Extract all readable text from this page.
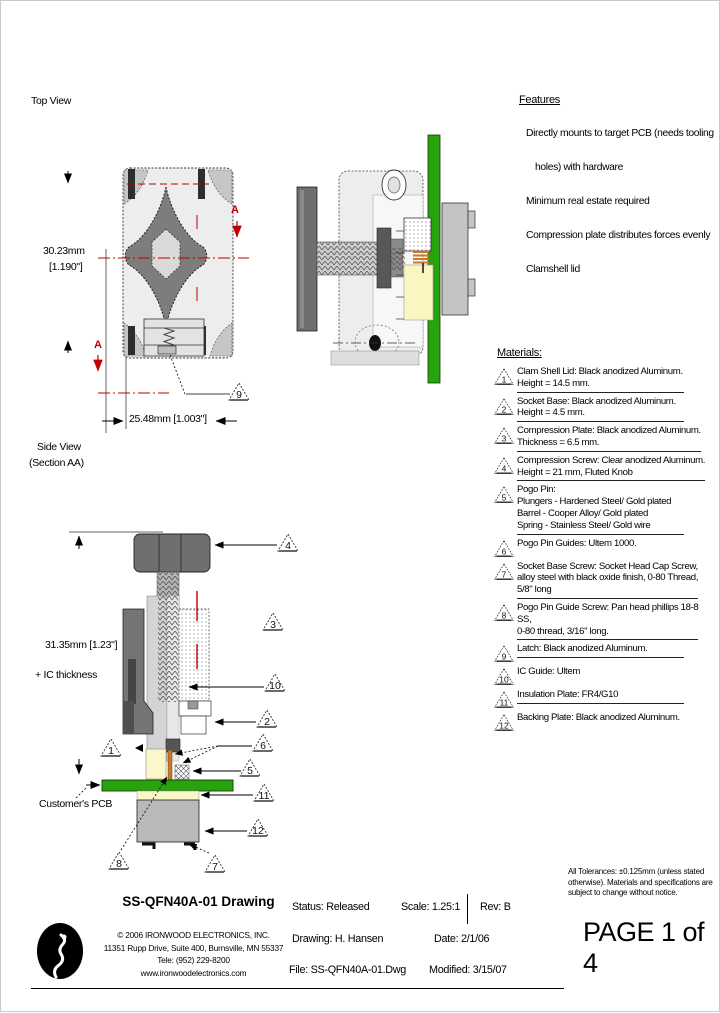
9
4
3
10
2
6
5
11
12
8	7
1
Top View
30.23mm
[1.190"]
A
A
25.48mm [1.003"]
Side View
(Section AA)
31.35mm [1.23"]
+ IC thickness
Customer's PCB
Features
Directly mounts to target PCB (needs tooling
holes) with hardware
Minimum real estate required
Compression plate distributes forces evenly
Clamshell lid
Materials:
1
Clam Shell Lid: Black anodized Aluminum.
Height = 14.5 mm.
2
Socket Base: Black anodized Aluminum.
Height = 4.5 mm.
3
Compression Plate: Black anodized Aluminum.
Thickness = 6.5 mm.
4
Compression Screw: Clear anodized Aluminum.
Height = 21 mm, Fluted Knob
5
Pogo Pin:
Plungers - Hardened Steel/ Gold plated
Barrel - Cooper Alloy/ Gold plated
Spring - Stainless Steel/ Gold wire
6
Pogo Pin Guides: Ultem 1000.
7
Socket Base Screw: Socket Head Cap Screw,
alloy steel with black oxide finish, 0-80 Thread,
5/8" long
8
Pogo Pin Guide Screw: Pan head phillips 18-8
SS,
0-80 thread, 3/16" long.
9
Latch: Black anodized Aluminum.
10
IC Guide: Ultem
11
Insulation Plate: FR4/G10
12
Backing Plate: Black anodized Aluminum.
SS-QFN40A-01 Drawing
© 2006 IRONWOOD ELECTRONICS, INC.
11351 Rupp Drive, Suite 400, Burnsville, MN 55337
Tele: (952) 229-8200
www.ironwoodelectronics.com
Status: Released
Drawing: H. Hansen
File: SS-QFN40A-01.Dwg
Scale: 1.25:1
Date: 2/1/06
Modified: 3/15/07
Rev: B
All Tolerances: ±0.125mm (unless stated otherwise). Materials and specifications are subject to change without notice.
PAGE 1 of 4
